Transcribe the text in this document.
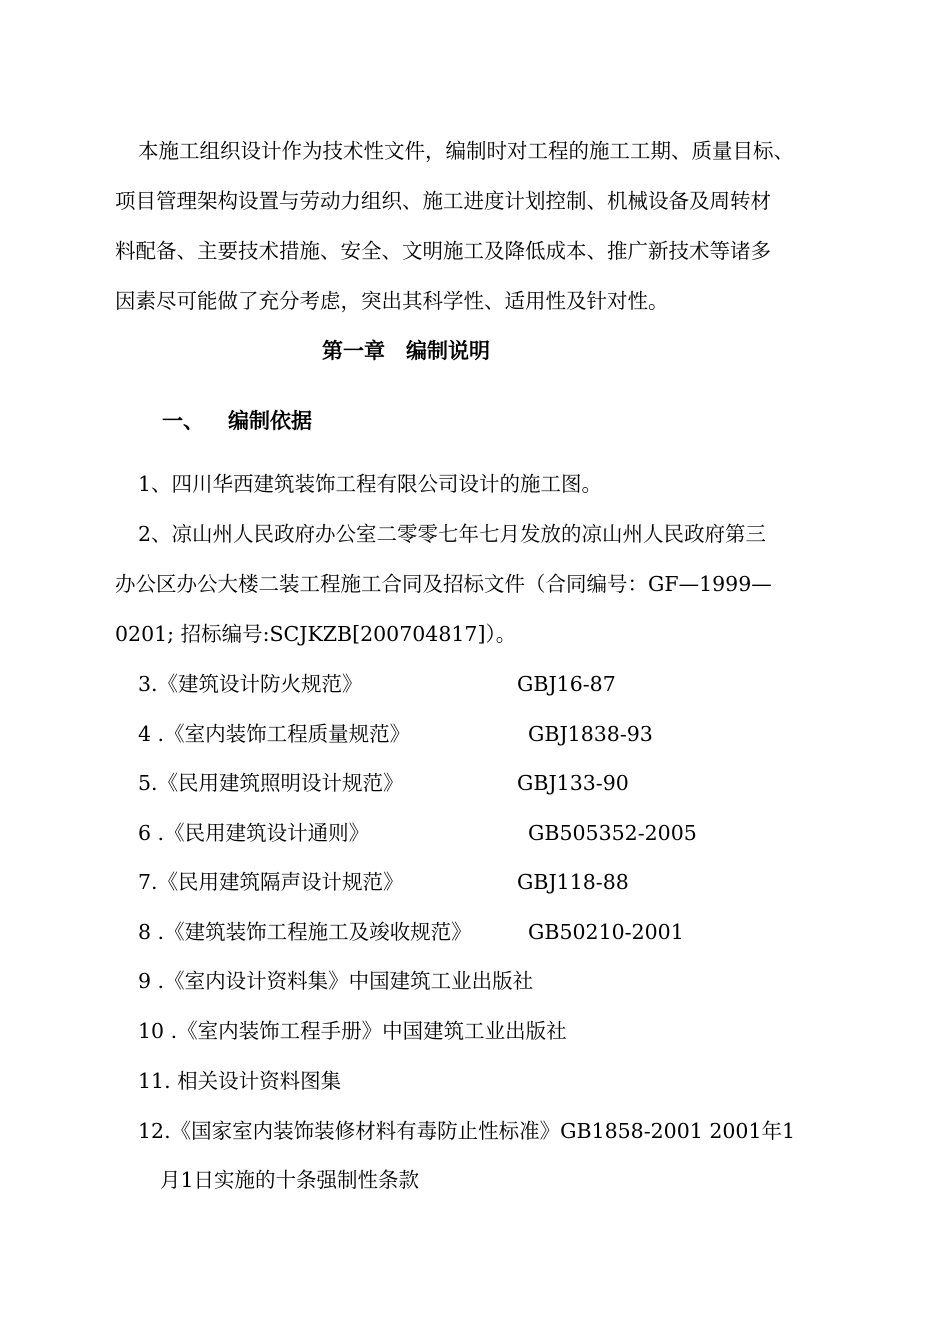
本施工组织设计作为技术性文件，编制时对工程的施工工期、质量目标、
项目管理架构设置与劳动力组织、施工进度计划控制、机械设备及周转材
料配备、主要技术措施、安全、文明施工及降低成本、推广新技术等诸多
因素尽可能做了充分考虑，突出其科学性、适用性及针对性。
第一章　编制说明
一、 编制依据
1、四川华西建筑装饰工程有限公司设计的施工图。
2、凉山州人民政府办公室二零零七年七月发放的凉山州人民政府第三
办公区办公大楼二装工程施工合同及招标文件（合同编号：GF—1999—
0201; 招标编号:SCJKZB[200704817]）。
3.《建筑设计防火规范》	GBJ16-87
4 .《室内装饰工程质量规范》	GBJ1838-93
5.《民用建筑照明设计规范》	GBJ133-90
6 .《民用建筑设计通则》	GB505352-2005
7.《民用建筑隔声设计规范》	GBJ118-88
8 .《建筑装饰工程施工及竣收规范》	GB50210-2001
9 .《室内设计资料集》中国建筑工业出版社
10 .《室内装饰工程手册》中国建筑工业出版社
11. 相关设计资料图集
12.《国家室内装饰装修材料有毒防止性标准》GB1858-2001 2001年1
月1日实施的十条强制性条款
